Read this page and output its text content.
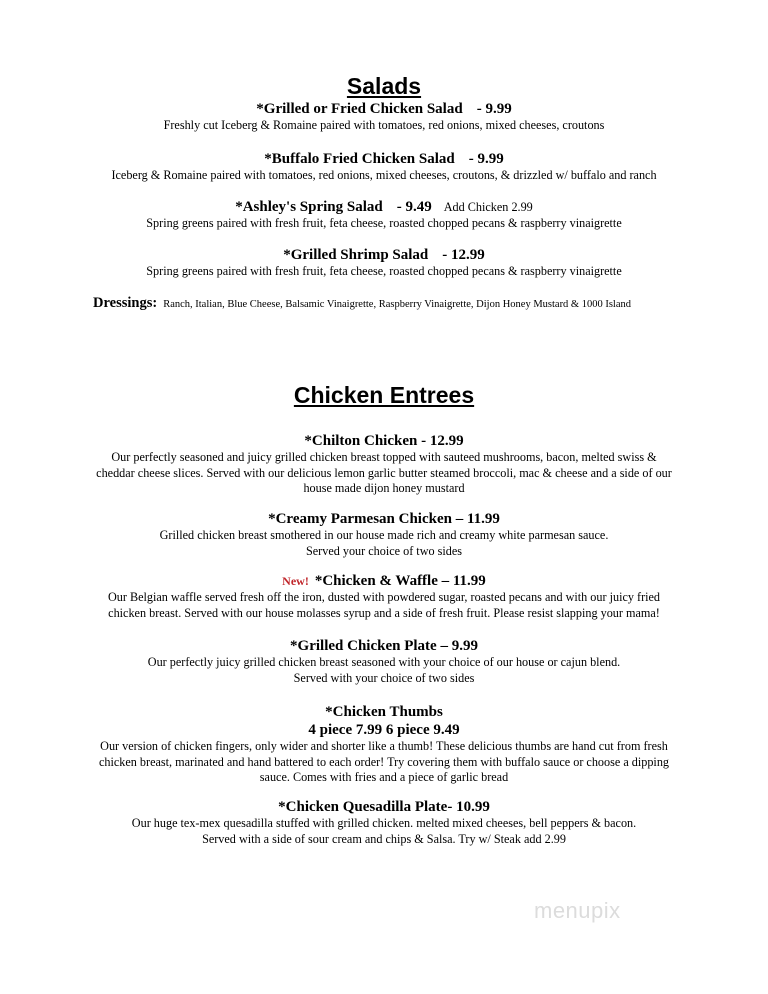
Salads
*Grilled or Fried Chicken Salad - 9.99
Freshly cut Iceberg & Romaine paired with tomatoes, red onions, mixed cheeses, croutons
*Buffalo Fried Chicken Salad - 9.99
Iceberg & Romaine paired with tomatoes, red onions, mixed cheeses, croutons, & drizzled w/ buffalo and ranch
*Ashley's Spring Salad - 9.49 Add Chicken 2.99
Spring greens paired with fresh fruit, feta cheese, roasted chopped pecans & raspberry vinaigrette
*Grilled Shrimp Salad - 12.99
Spring greens paired with fresh fruit, feta cheese, roasted chopped pecans & raspberry vinaigrette
Dressings: Ranch, Italian, Blue Cheese, Balsamic Vinaigrette, Raspberry Vinaigrette, Dijon Honey Mustard & 1000 Island
Chicken Entrees
*Chilton Chicken - 12.99
Our perfectly seasoned and juicy grilled chicken breast topped with sauteed mushrooms, bacon, melted swiss &
cheddar cheese slices. Served with our delicious lemon garlic butter steamed broccoli, mac & cheese and a side of our
house made dijon honey mustard
*Creamy Parmesan Chicken – 11.99
Grilled chicken breast smothered in our house made rich and creamy white parmesan sauce.
Served your choice of two sides
New! *Chicken & Waffle – 11.99
Our Belgian waffle served fresh off the iron, dusted with powdered sugar, roasted pecans and with our juicy fried
chicken breast. Served with our house molasses syrup and a side of fresh fruit. Please resist slapping your mama!
*Grilled Chicken Plate – 9.99
Our perfectly juicy grilled chicken breast seasoned with your choice of our house or cajun blend.
Served with your choice of two sides
*Chicken Thumbs
4 piece 7.99 6 piece 9.49
Our version of chicken fingers, only wider and shorter like a thumb! These delicious thumbs are hand cut from fresh
chicken breast, marinated and hand battered to each order! Try covering them with buffalo sauce or choose a dipping
sauce. Comes with fries and a piece of garlic bread
*Chicken Quesadilla Plate- 10.99
Our huge tex-mex quesadilla stuffed with grilled chicken. melted mixed cheeses, bell peppers & bacon.
Served with a side of sour cream and chips & Salsa. Try w/ Steak add 2.99
menupix
